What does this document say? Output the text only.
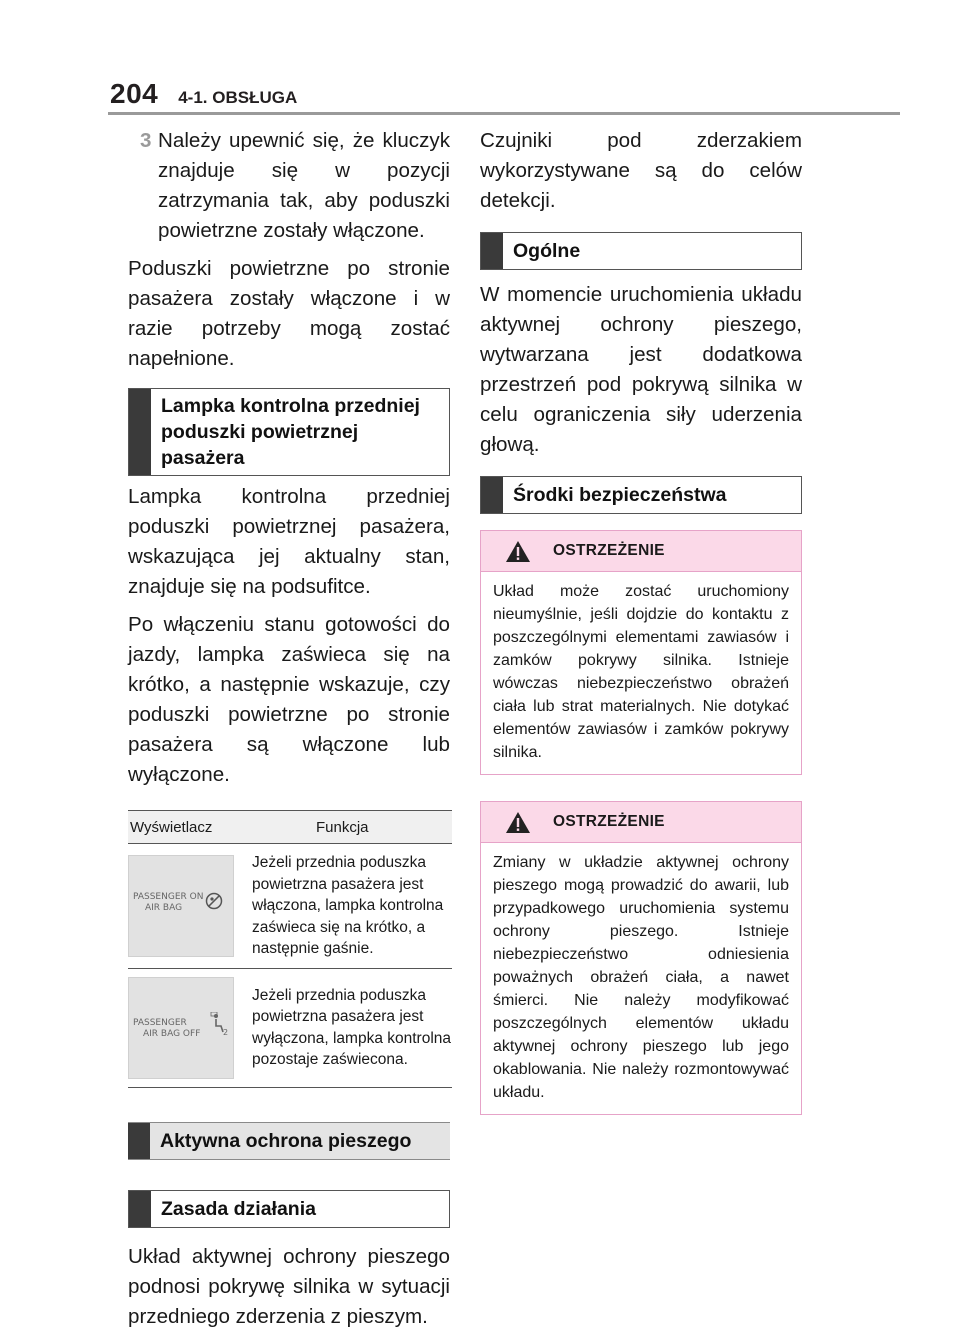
204 4-1. OBSŁUGA
3 Należy upewnić się, że kluczyk znajduje się w pozycji zatrzymania tak, aby poduszki powietrzne zostały włączone.

Poduszki powietrzne po stronie pasażera zostały włączone i w razie potrzeby mogą zostać napełnione.

Lampka kontrolna przedniej poduszki powietrznej pasażera

Lampka kontrolna przedniej poduszki powietrznej pasażera, wskazująca jej aktualny stan, znajduje się na podsufitce.

Po włączeniu stanu gotowości do jazdy, lampka zaświeca się na krótko, a następnie wskazuje, czy poduszki powietrzne po stronie pasażera są włączone lub wyłączone.

Wyświetlacz	Funkcja

PASSENGER ON
AIR BAG	Jeżeli przednia poduszka powietrzna pasażera jest włączona, lampka kontrolna zaświeca się na krótko, a następnie gaśnie.

PASSENGER
AIR BAG OFF 2	Jeżeli przednia poduszka powietrzna pasażera jest wyłączona, lampka kontrolna pozostaje zaświecona.
Aktywna ochrona pieszego
Zasada działania

Układ aktywnej ochrony pieszego podnosi pokrywę silnika w sytuacji przedniego zderzenia z pieszym.

Czujniki pod zderzakiem wykorzystywane są do celów detekcji.

Ogólne

W momencie uruchomienia układu aktywnej ochrony pieszego, wytwarzana jest dodatkowa przestrzeń pod pokrywą silnika w celu ograniczenia siły uderzenia głową.

Środki bezpieczeństwa
OSTRZEŻENIE
Układ może zostać uruchomiony nieumyślnie, jeśli dojdzie do kontaktu z poszczególnymi elementami zawiasów i zamków pokrywy silnika. Istnieje wówczas niebezpieczeństwo obrażeń ciała lub strat materialnych. Nie dotykać elementów zawiasów i zamków pokrywy silnika.
OSTRZEŻENIE
Zmiany w układzie aktywnej ochrony pieszego mogą prowadzić do awarii, lub przypadkowego uruchomienia systemu ochrony pieszego. Istnieje niebezpieczeństwo odniesienia poważnych obrażeń ciała, a nawet śmierci. Nie należy modyfikować poszczególnych elementów układu aktywnej ochrony pieszego lub jego okablowania. Nie należy rozmontowywać układu.
